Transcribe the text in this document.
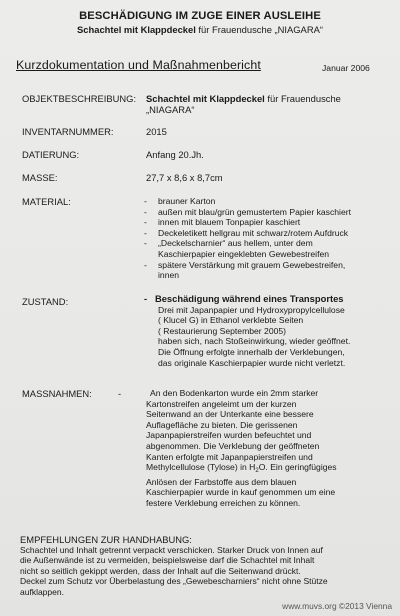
BESCHÄDIGUNG IM ZUGE EINER AUSLEIHE
Schachtel mit Klappdeckel für Frauendusche „NIAGARA“
Kurzdokumentation und Maßnahmenbericht	Januar 2006
OBJEKTBESCHREIBUNG: Schachtel mit Klappdeckel für Frauendusche
„NIAGARA“
INVENTARNUMMER:	2015
DATIERUNG:	Anfang 20.Jh.
MASSE:	27,7 x 8,6 x 8,7cm
MATERIAL:
-	brauner Karton
- außen mit blau/grün gemustertem Papier kaschiert
- innen mit blauem Tonpapier kaschiert
- Deckeletikett hellgrau mit schwarz/rotem Aufdruck
- „Deckelscharnier“ aus hellem, unter dem
Kaschierpapier eingeklebten Gewebestreifen
- spätere Verstärkung mit grauem Gewebestreifen,
innen
ZUSTAND:	-   Beschädigung während eines Transportes
Drei mit Japanpapier und Hydroxypropylcellulose
( Klucel G) in Ethanol verklebte Seiten
( Restaurierung September 2005)
haben sich, nach Stoßeinwirkung, wieder geöffnet.
Die Öffnung erfolgte innerhalb der Verklebungen,
das originale Kaschierpapier wurde nicht verletzt.
MASSNAHMEN:	-	An den Bodenkarton wurde ein 2mm starker
Kartonstreifen angeleimt um der kurzen
Seitenwand an der Unterkante eine bessere
Auflagefläche zu bieten. Die gerissenen
Japanpapierstreifen wurden befeuchtet und
abgenommen. Die Verklebung der geöffneten
Kanten erfolgte mit Japanpapierstreifen und
Methylcellulose (Tylose) in $H_2O$. Ein geringfügiges
Anlösen der Farbstoffe aus dem blauen
Kaschierpapier wurde in kauf genommen um eine
festere Verklebung erreichen zu können.
EMPFEHLUNGEN ZUR HANDHABUNG:
Schachtel und Inhalt getrennt verpackt verschicken. Starker Druck von Innen auf
die Außenwände ist zu vermeiden, beispielsweise darf die Schachtel mit Inhalt
nicht so seitlich gekippt werden, dass der Inhalt auf die Seitenwand drückt.
Deckel zum Schutz vor Überbelastung des „Gewebescharniers“ nicht ohne Stütze
aufklappen.
www.muvs.org ©2013 Vienna
